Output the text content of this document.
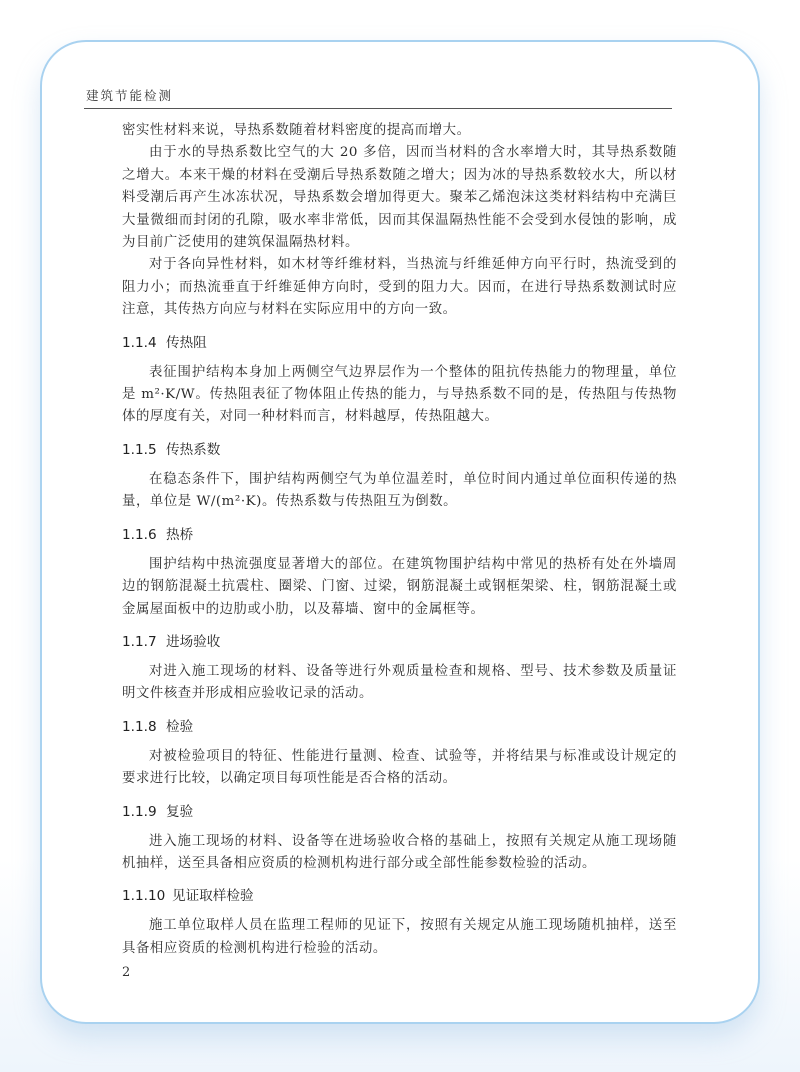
建筑节能检测

密实性材料来说，导热系数随着材料密度的提高而增大。

由于水的导热系数比空气的大 20 多倍，因而当材料的含水率增大时，其导热系数随之增大。本来干燥的材料在受潮后导热系数随之增大；因为冰的导热系数较水大，所以材料受潮后再产生冰冻状况，导热系数会增加得更大。聚苯乙烯泡沫这类材料结构中充满巨大量微细而封闭的孔隙，吸水率非常低，因而其保温隔热性能不会受到水侵蚀的影响，成为目前广泛使用的建筑保温隔热材料。

对于各向异性材料，如木材等纤维材料，当热流与纤维延伸方向平行时，热流受到的阻力小；而热流垂直于纤维延伸方向时，受到的阻力大。因而，在进行导热系数测试时应注意，其传热方向应与材料在实际应用中的方向一致。

1.1.4 传热阻

表征围护结构本身加上两侧空气边界层作为一个整体的阻抗传热能力的物理量，单位是 m²·K/W。传热阻表征了物体阻止传热的能力，与导热系数不同的是，传热阻与传热物体的厚度有关，对同一种材料而言，材料越厚，传热阻越大。

1.1.5 传热系数

在稳态条件下，围护结构两侧空气为单位温差时，单位时间内通过单位面积传递的热量，单位是 W/(m²·K)。传热系数与传热阻互为倒数。

1.1.6 热桥

围护结构中热流强度显著增大的部位。在建筑物围护结构中常见的热桥有处在外墙周边的钢筋混凝土抗震柱、圈梁、门窗、过梁，钢筋混凝土或钢框架梁、柱，钢筋混凝土或金属屋面板中的边肋或小肋，以及幕墙、窗中的金属框等。

1.1.7 进场验收

对进入施工现场的材料、设备等进行外观质量检查和规格、型号、技术参数及质量证明文件核查并形成相应验收记录的活动。

1.1.8 检验

对被检验项目的特征、性能进行量测、检查、试验等，并将结果与标准或设计规定的要求进行比较，以确定项目每项性能是否合格的活动。

1.1.9 复验

进入施工现场的材料、设备等在进场验收合格的基础上，按照有关规定从施工现场随机抽样，送至具备相应资质的检测机构进行部分或全部性能参数检验的活动。

1.1.10 见证取样检验

施工单位取样人员在监理工程师的见证下，按照有关规定从施工现场随机抽样，送至具备相应资质的检测机构进行检验的活动。

2
